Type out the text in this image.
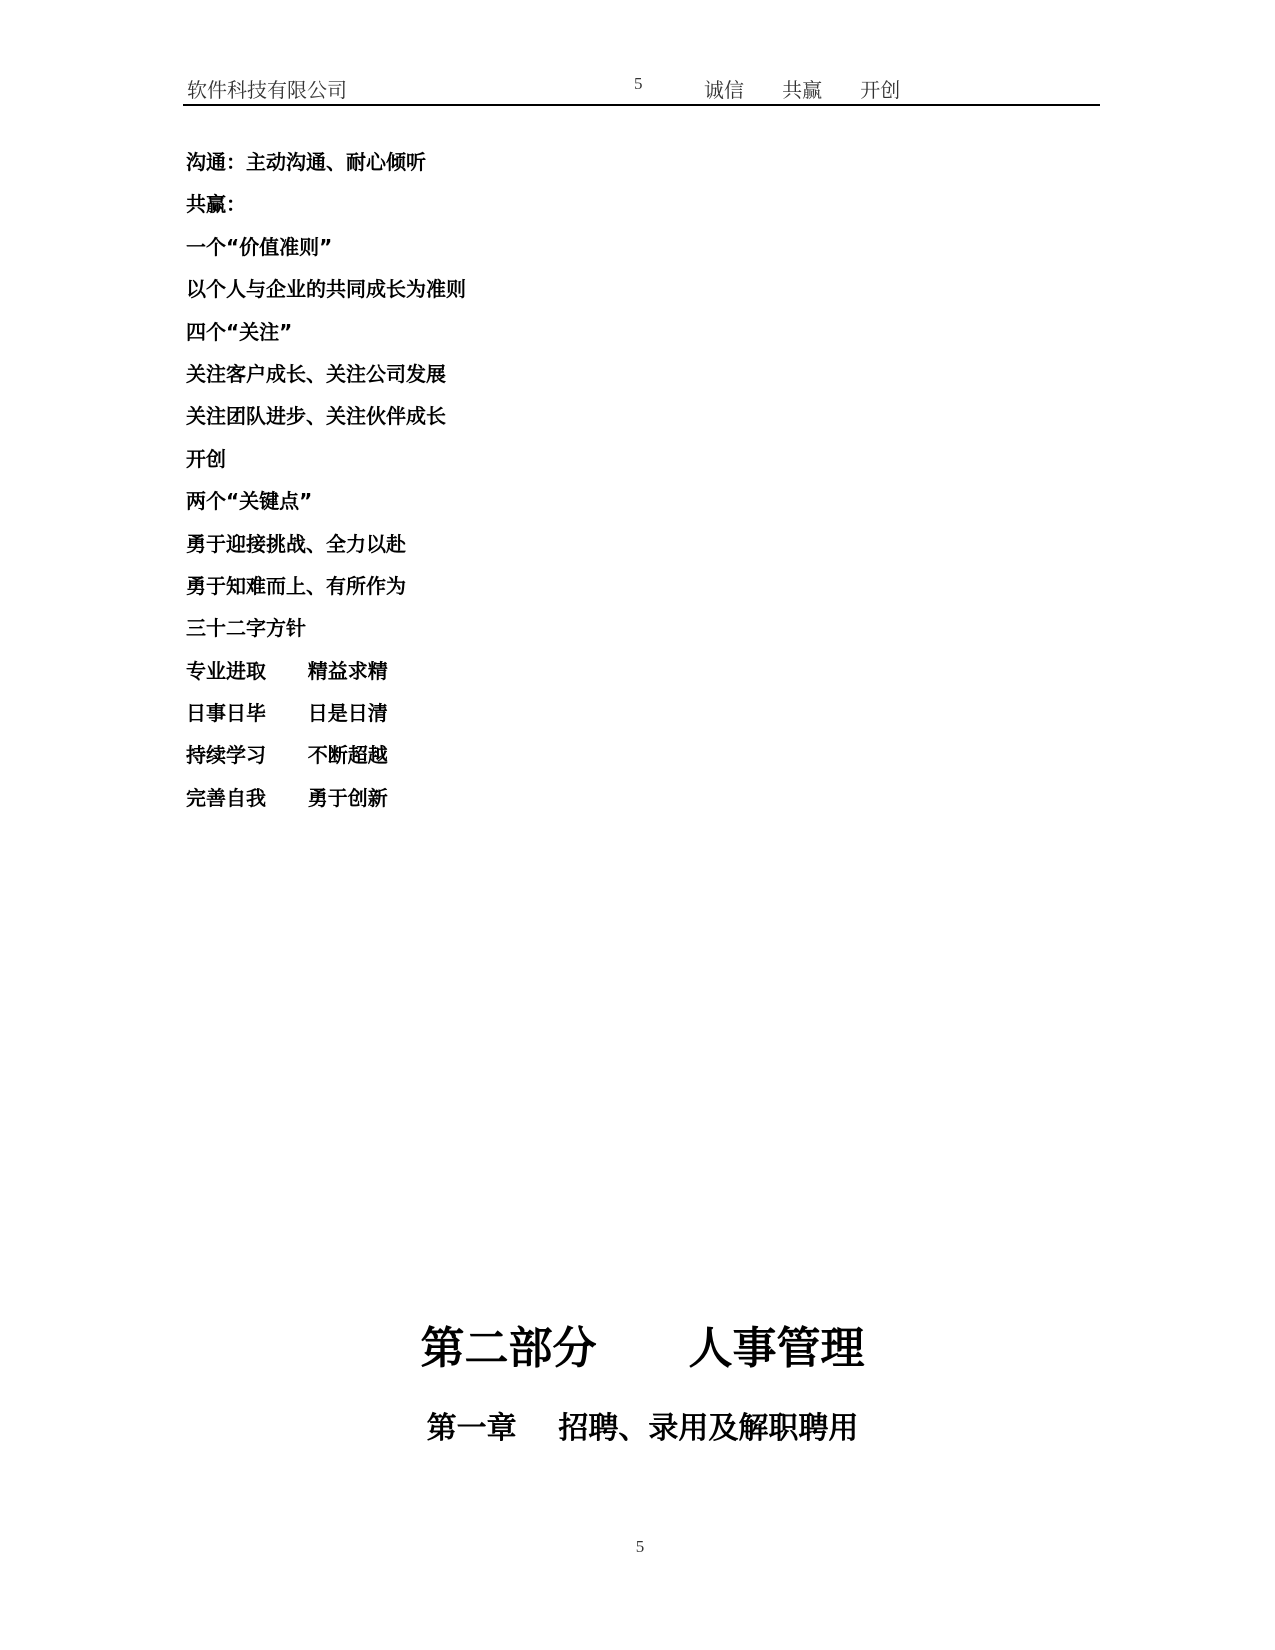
软件科技有限公司	5	诚信      共赢      开创
沟通：主动沟通、耐心倾听
共赢：
一个“价值准则”
以个人与企业的共同成长为准则
四个“关注”
关注客户成长、关注公司发展
关注团队进步、关注伙伴成长
开创
两个“关键点”
勇于迎接挑战、全力以赴
勇于知难而上、有所作为
三十二字方针
专业进取      精益求精
日事日毕      日是日清
持续学习      不断超越
完善自我      勇于创新
第二部分      人事管理
第一章    招聘、录用及解职聘用
5
